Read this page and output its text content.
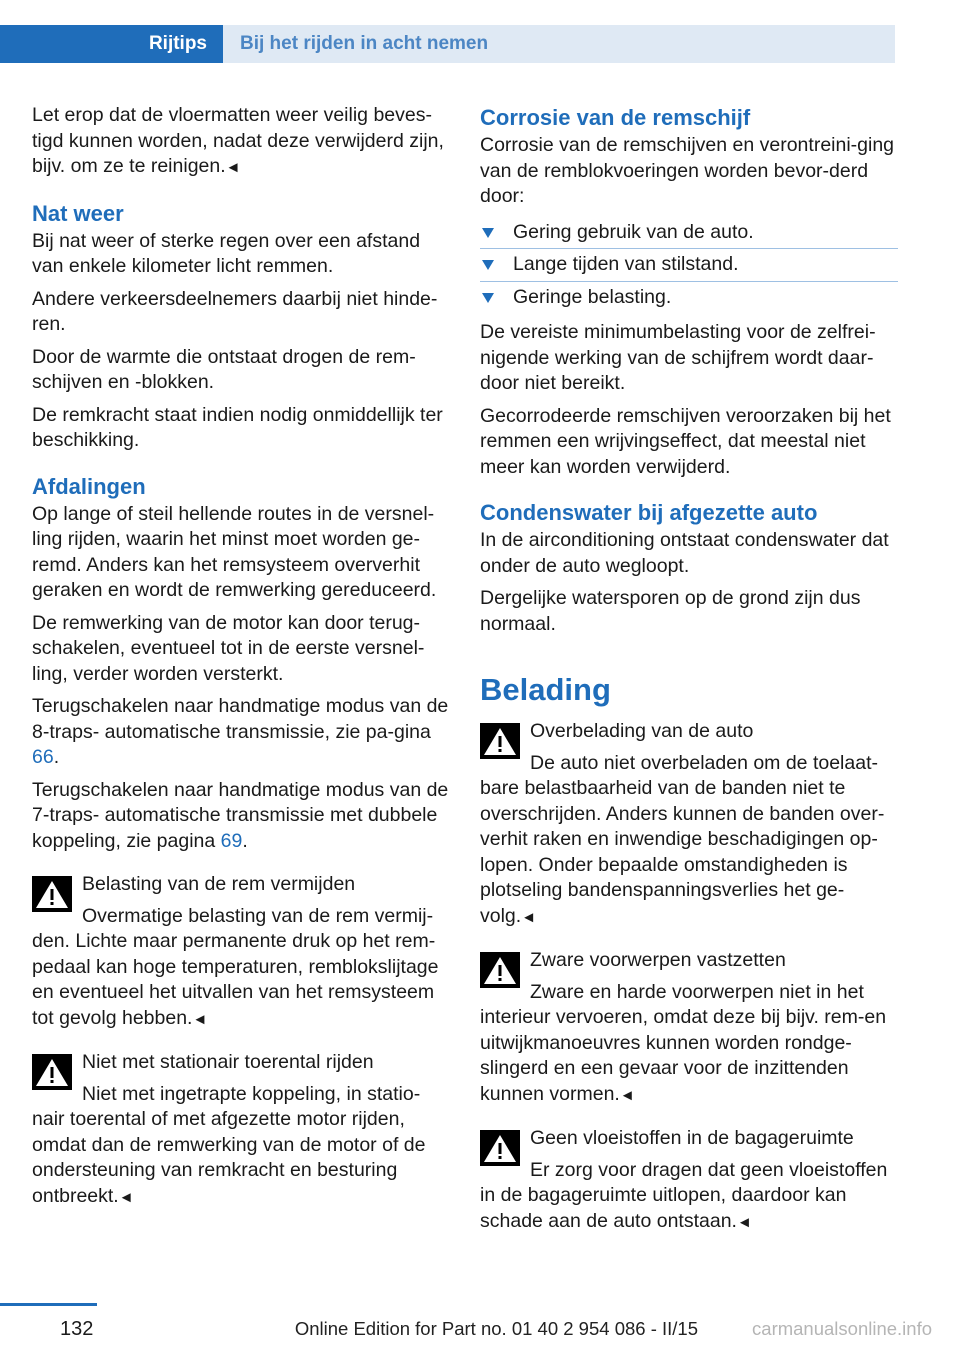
Rijtips Bij het rijden in acht nemen

Let erop dat de vloermatten weer veilig beves-tigd kunnen worden, nadat deze verwijderd zijn, bijv. om ze te reinigen.◄

Nat weer

Bij nat weer of sterke regen over een afstand van enkele kilometer licht remmen.

Andere verkeersdeelnemers daarbij niet hinde-ren.

Door de warmte die ontstaat drogen de rem-schijven en -blokken.

De remkracht staat indien nodig onmiddellijk ter beschikking.

Afdalingen

Op lange of steil hellende routes in de versnel-ling rijden, waarin het minst moet worden ge-remd. Anders kan het remsysteem oververhit geraken en wordt de remwerking gereduceerd.

De remwerking van de motor kan door terug-schakelen, eventueel tot in de eerste versnel-ling, verder worden versterkt.

Terugschakelen naar handmatige modus van de 8-traps- automatische transmissie, zie pa-gina 66.

Terugschakelen naar handmatige modus van de 7-traps- automatische transmissie met dubbele koppeling, zie pagina 69.

Belasting van de rem vermijden

Overmatige belasting van de rem vermij-den. Lichte maar permanente druk op het rem-pedaal kan hoge temperaturen, remblokslijtage en eventueel het uitvallen van het remsysteem tot gevolg hebben.◄

Niet met stationair toerental rijden

Niet met ingetrapte koppeling, in statio-nair toerental of met afgezette motor rijden, omdat dan de remwerking van de motor of de ondersteuning van remkracht en besturing ontbreekt.◄

Corrosie van de remschijf

Corrosie van de remschijven en verontreini-ging van de remblokvoeringen worden bevor-derd door:

Gering gebruik van de auto.
Lange tijden van stilstand.
Geringe belasting.

De vereiste minimumbelasting voor de zelfrei-nigende werking van de schijfrem wordt daar-door niet bereikt.

Gecorrodeerde remschijven veroorzaken bij het remmen een wrijvingseffect, dat meestal niet meer kan worden verwijderd.

Condenswater bij afgezette auto

In de airconditioning ontstaat condenswater dat onder de auto wegloopt.

Dergelijke watersporen op de grond zijn dus normaal.

Belading

Overbelading van de auto

De auto niet overbeladen om de toelaat-bare belastbaarheid van de banden niet te overschrijden. Anders kunnen de banden over-verhit raken en inwendige beschadigingen op-lopen. Onder bepaalde omstandigheden is plotseling bandenspanningsverlies het ge-volg.◄

Zware voorwerpen vastzetten

Zware en harde voorwerpen niet in het interieur vervoeren, omdat deze bij bijv. rem-en uitwijkmanoeuvres kunnen worden rondge-slingerd en een gevaar voor de inzittenden kunnen vormen.◄

Geen vloeistoffen in de bagageruimte

Er zorg voor dragen dat geen vloeistoffen in de bagageruimte uitlopen, daardoor kan schade aan de auto ontstaan.◄

132	Online Edition for Part no. 01 40 2 954 086 - II/15	carmanualsonline.info
